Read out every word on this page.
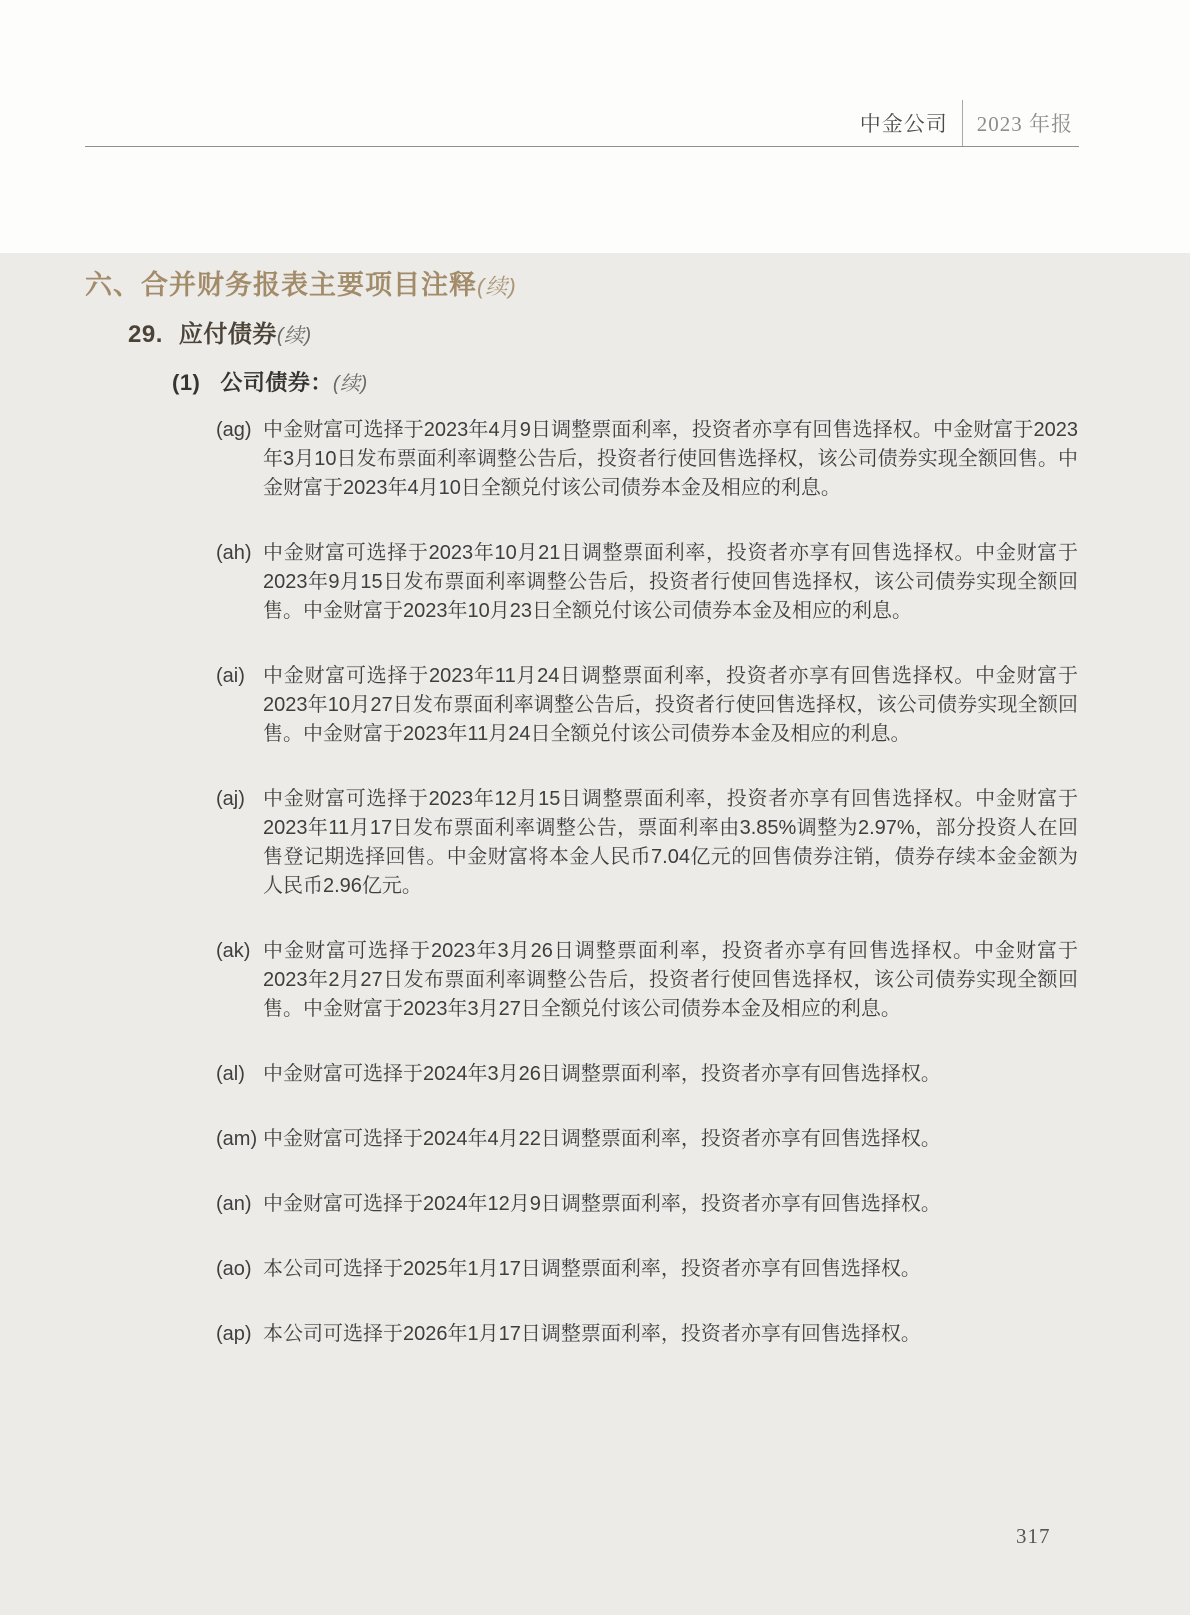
中金公司 2023 年报
六、合并财务报表主要项目注释(续)
29. 应付债券(续)
(1) 公司债券：(续)
(ag) 中金财富可选择于2023年4月9日调整票面利率，投资者亦享有回售选择权。中金财富于2023年3月10日发布票面利率调整公告后，投资者行使回售选择权，该公司债券实现全额回售。中金财富于2023年4月10日全额兑付该公司债券本金及相应的利息。
(ah) 中金财富可选择于2023年10月21日调整票面利率，投资者亦享有回售选择权。中金财富于2023年9月15日发布票面利率调整公告后，投资者行使回售选择权，该公司债券实现全额回售。中金财富于2023年10月23日全额兑付该公司债券本金及相应的利息。
(ai) 中金财富可选择于2023年11月24日调整票面利率，投资者亦享有回售选择权。中金财富于2023年10月27日发布票面利率调整公告后，投资者行使回售选择权，该公司债券实现全额回售。中金财富于2023年11月24日全额兑付该公司债券本金及相应的利息。
(aj) 中金财富可选择于2023年12月15日调整票面利率，投资者亦享有回售选择权。中金财富于2023年11月17日发布票面利率调整公告，票面利率由3.85%调整为2.97%，部分投资人在回售登记期选择回售。中金财富将本金人民币7.04亿元的回售债券注销，债券存续本金金额为人民币2.96亿元。
(ak) 中金财富可选择于2023年3月26日调整票面利率，投资者亦享有回售选择权。中金财富于2023年2月27日发布票面利率调整公告后，投资者行使回售选择权，该公司债券实现全额回售。中金财富于2023年3月27日全额兑付该公司债券本金及相应的利息。
(al) 中金财富可选择于2024年3月26日调整票面利率，投资者亦享有回售选择权。
(am) 中金财富可选择于2024年4月22日调整票面利率，投资者亦享有回售选择权。
(an) 中金财富可选择于2024年12月9日调整票面利率，投资者亦享有回售选择权。
(ao) 本公司可选择于2025年1月17日调整票面利率，投资者亦享有回售选择权。
(ap) 本公司可选择于2026年1月17日调整票面利率，投资者亦享有回售选择权。
317
